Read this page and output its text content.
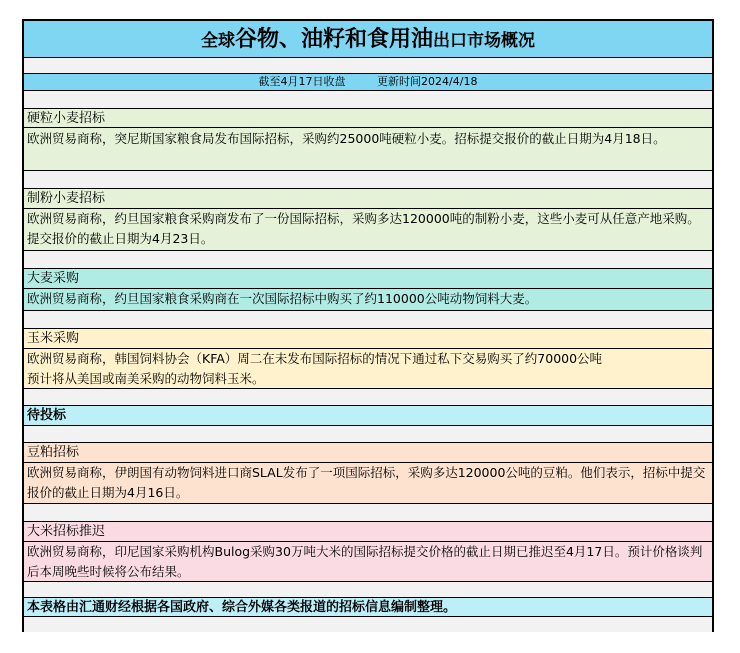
全球谷物、油籽和食用油出口市场概况
截至4月17日收盘	更新时间2024/4/18
硬粒小麦招标
欧洲贸易商称，突尼斯国家粮食局发布国际招标，采购约25000吨硬粒小麦。招标提交报价的截止日期为4月18日。
制粉小麦招标
欧洲贸易商称，约旦国家粮食采购商发布了一份国际招标，采购多达120000吨的制粉小麦，这些小麦可从任意产地采购。提交报价的截止日期为4月23日。
大麦采购
欧洲贸易商称，约旦国家粮食采购商在一次国际招标中购买了约110000公吨动物饲料大麦。
玉米采购
欧洲贸易商称，韩国饲料协会（KFA）周二在未发布国际招标的情况下通过私下交易购买了约70000公吨
预计将从美国或南美采购的动物饲料玉米。
待投标
豆粕招标
欧洲贸易商称，伊朗国有动物饲料进口商SLAL发布了一项国际招标，采购多达120000公吨的豆粕。他们表示，招标中提交报价的截止日期为4月16日。
大米招标推迟
欧洲贸易商称，印尼国家采购机构Bulog采购30万吨大米的国际招标提交价格的截止日期已推迟至4月17日。预计价格谈判后本周晚些时候将公布结果。
本表格由汇通财经根据各国政府、综合外媒各类报道的招标信息编制整理。
